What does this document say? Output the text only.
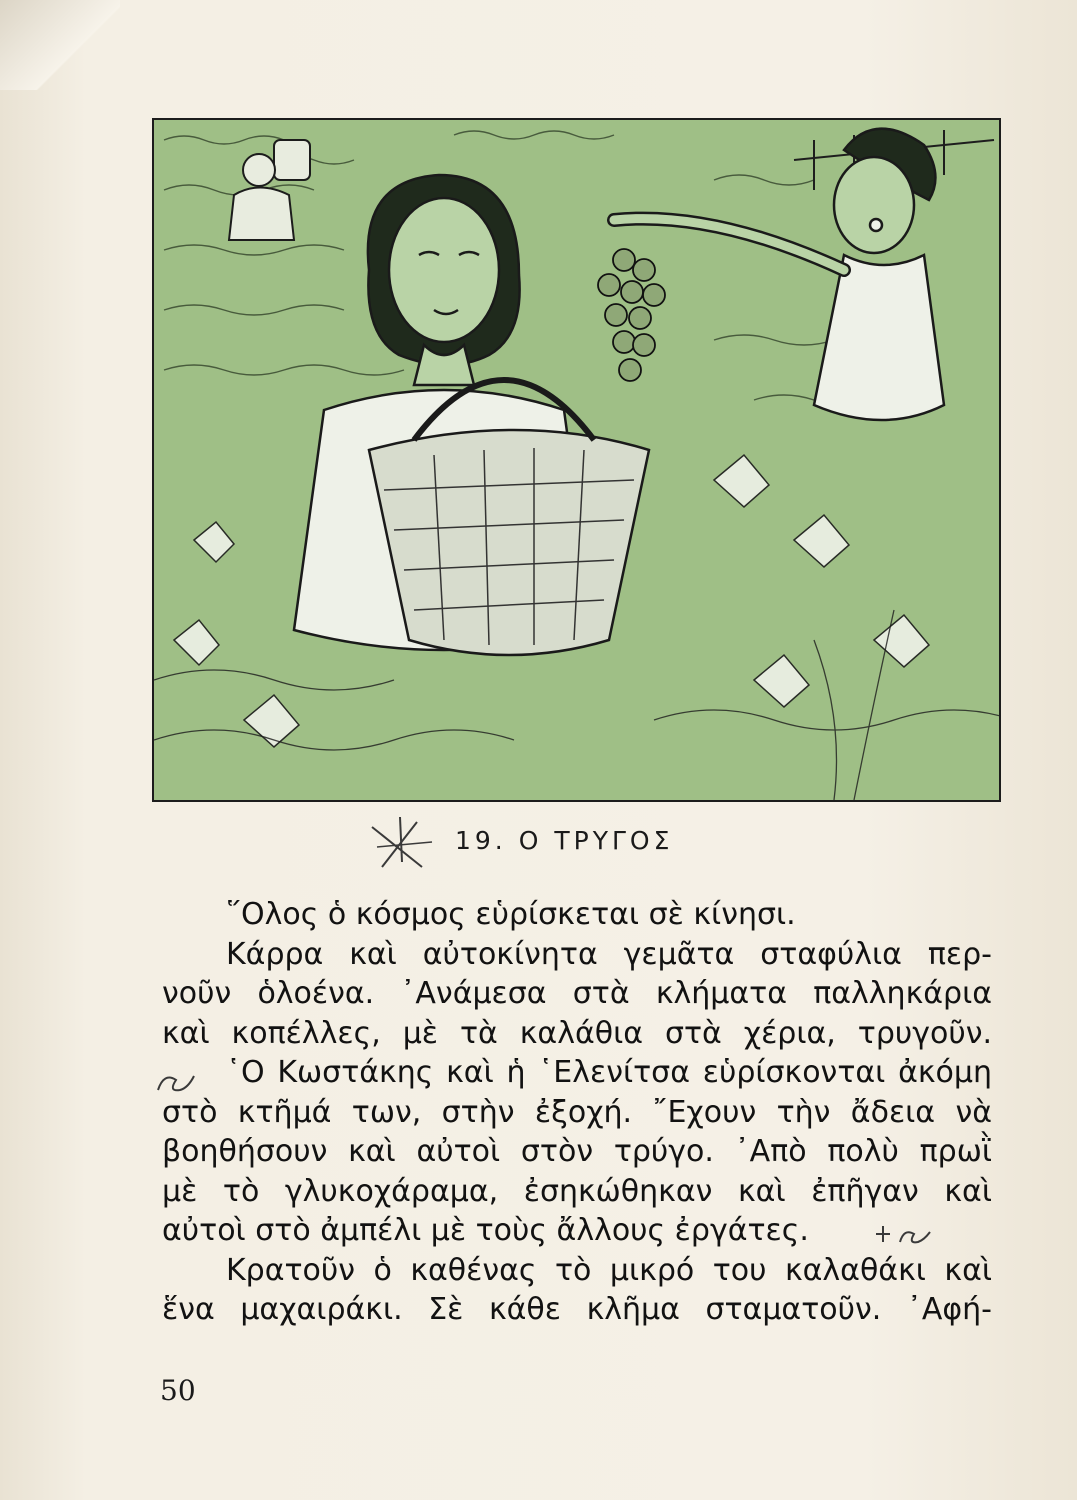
19. Ο ΤΡΥΓΟΣ
῞Ολος ὁ κόσμος εὑρίσκεται σὲ κίνησι.
Κάρρα καὶ αὐτοκίνητα γεμᾶτα σταφύλια περ-
νοῦν ὁλοένα. ᾿Ανάμεσα στὰ κλήματα παλληκάρια
καὶ κοπέλλες, μὲ τὰ καλάθια στὰ χέρια, τρυγοῦν.
῾Ο Κωστάκης καὶ ἡ ῾Ελενίτσα εὑρίσκονται ἀκόμη
στὸ κτῆμά των, στὴν ἐξοχή. ῎Εχουν τὴν ἄδεια νὰ
βοηθήσουν καὶ αὐτοὶ στὸν τρύγο. ᾿Απὸ πολὺ πρωῒ
μὲ τὸ γλυκοχάραμα, ἐσηκώθηκαν καὶ ἐπῆγαν καὶ
αὐτοὶ στὸ ἀμπέλι μὲ τοὺς ἄλλους ἐργάτες.
Κρατοῦν ὁ καθένας τὸ μικρό του καλαθάκι καὶ
ἕνα μαχαιράκι. Σὲ κάθε κλῆμα σταματοῦν. ᾿Αφή-
50
